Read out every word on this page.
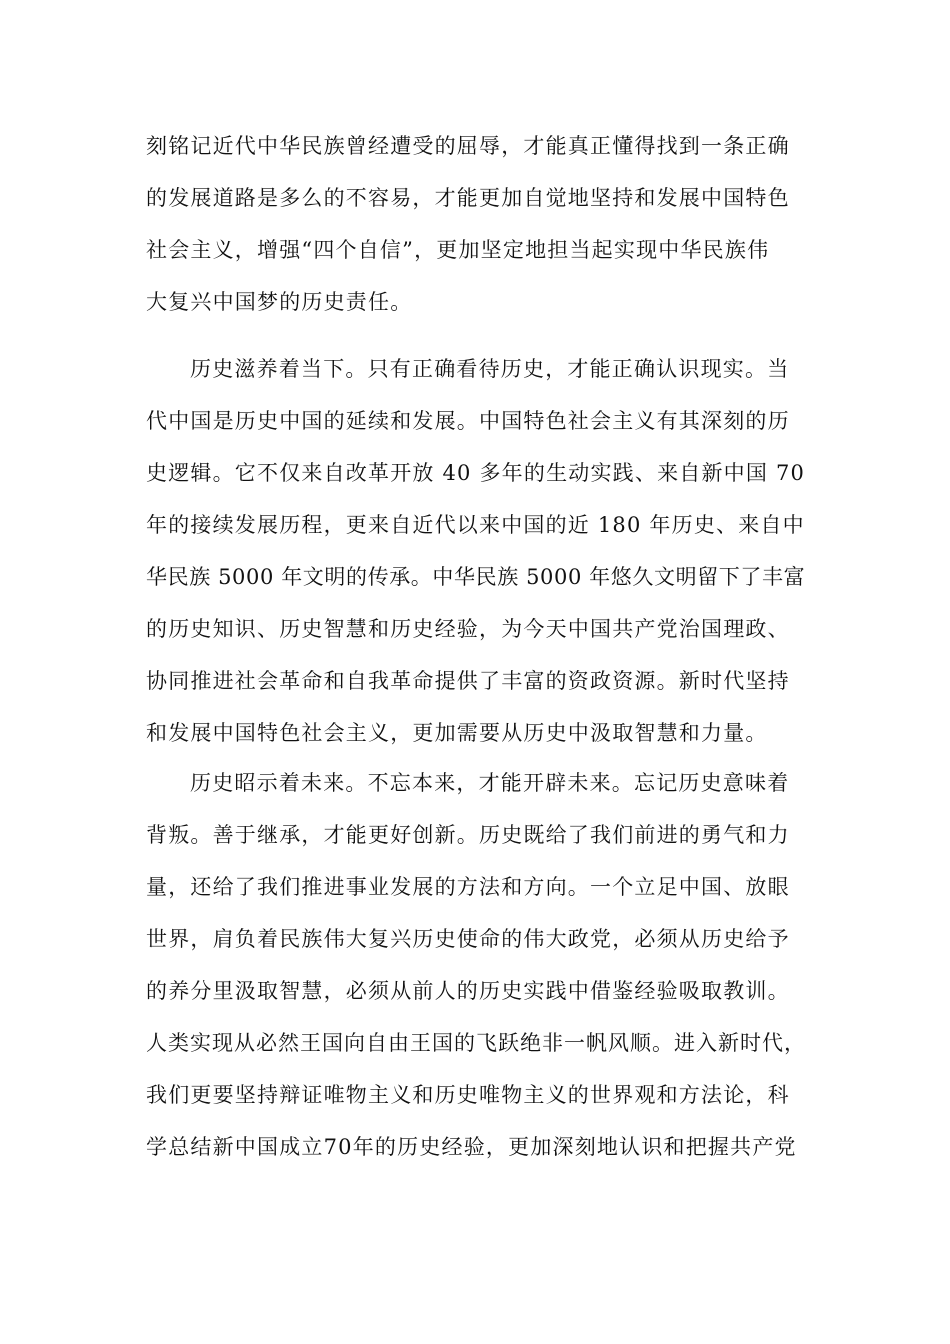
刻铭记近代中华民族曾经遭受的屈辱，才能真正懂得找到一条正确
的发展道路是多么的不容易，才能更加自觉地坚持和发展中国特色
社会主义，增强“四个自信”，更加坚定地担当起实现中华民族伟
大复兴中国梦的历史责任。
历史滋养着当下。只有正确看待历史，才能正确认识现实。当
代中国是历史中国的延续和发展。中国特色社会主义有其深刻的历
史逻辑。它不仅来自改革开放 40 多年的生动实践、来自新中国 70
年的接续发展历程，更来自近代以来中国的近 180 年历史、来自中
华民族 5000 年文明的传承。中华民族 5000 年悠久文明留下了丰富
的历史知识、历史智慧和历史经验，为今天中国共产党治国理政、
协同推进社会革命和自我革命提供了丰富的资政资源。新时代坚持
和发展中国特色社会主义，更加需要从历史中汲取智慧和力量。
历史昭示着未来。不忘本来，才能开辟未来。忘记历史意味着
背叛。善于继承，才能更好创新。历史既给了我们前进的勇气和力
量，还给了我们推进事业发展的方法和方向。一个立足中国、放眼
世界，肩负着民族伟大复兴历史使命的伟大政党，必须从历史给予
的养分里汲取智慧，必须从前人的历史实践中借鉴经验吸取教训。
人类实现从必然王国向自由王国的飞跃绝非一帆风顺。进入新时代，
我们更要坚持辩证唯物主义和历史唯物主义的世界观和方法论，科
学总结新中国成立70年的历史经验，更加深刻地认识和把握共产党
